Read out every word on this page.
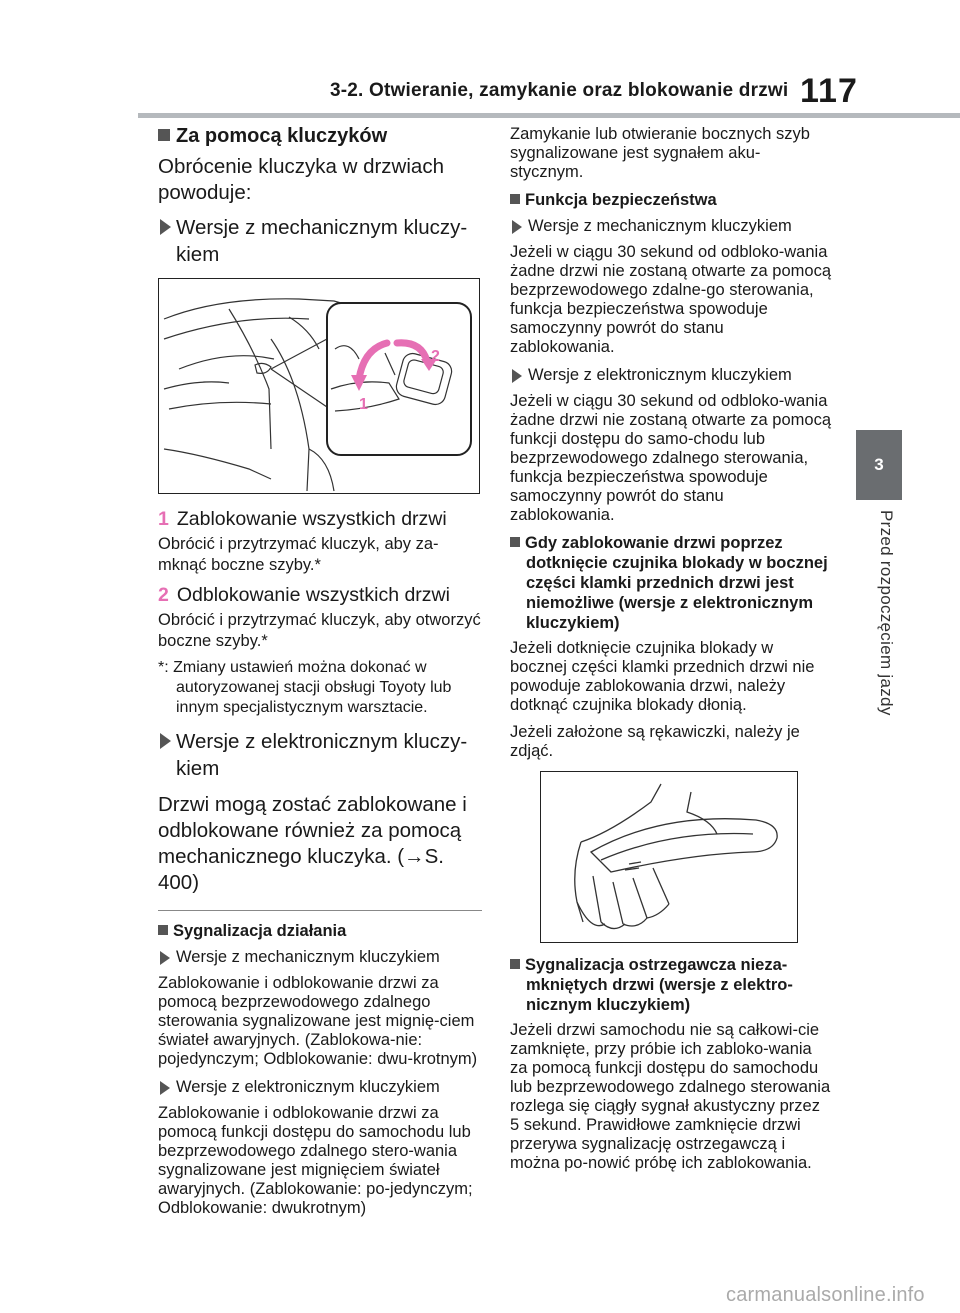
3-2. Otwieranie, zamykanie oraz blokowanie drzwi 117
3
Przed rozpoczęciem jazdy
Za pomocą kluczyków

Obrócenie kluczyka w drzwiach powoduje:

Wersje z mechanicznym kluczy-kiem
1
2
1 Zablokowanie wszystkich drzwi

Obrócić i przytrzymać kluczyk, aby za-mknąć boczne szyby.*

2 Odblokowanie wszystkich drzwi

Obrócić i przytrzymać kluczyk, aby otworzyć boczne szyby.*

*: Zmiany ustawień można dokonać w autoryzowanej stacji obsługi Toyoty lub innym specjalistycznym warsztacie.

Wersje z elektronicznym kluczy-kiem

Drzwi mogą zostać zablokowane i odblokowane również za pomocą mechanicznego kluczyka. (→S. 400)

Sygnalizacja działania
Wersje z mechanicznym kluczykiem

Zablokowanie i odblokowanie drzwi za pomocą bezprzewodowego zdalnego sterowania sygnalizowane jest mignię-ciem świateł awaryjnych. (Zablokowa-nie: pojedynczym; Odblokowanie: dwu-krotnym)

Wersje z elektronicznym kluczykiem

Zablokowanie i odblokowanie drzwi za pomocą funkcji dostępu do samochodu lub bezprzewodowego zdalnego stero-wania sygnalizowane jest mignięciem świateł awaryjnych. (Zablokowanie: po-jedynczym; Odblokowanie: dwukrotnym)

Zamykanie lub otwieranie bocznych szyb sygnalizowane jest sygnałem aku-stycznym.

Funkcja bezpieczeństwa
Wersje z mechanicznym kluczykiem

Jeżeli w ciągu 30 sekund od odbloko-wania żadne drzwi nie zostaną otwarte za pomocą bezprzewodowego zdalne-go sterowania, funkcja bezpieczeństwa spowoduje samoczynny powrót do stanu zablokowania.

Wersje z elektronicznym kluczykiem

Jeżeli w ciągu 30 sekund od odbloko-wania żadne drzwi nie zostaną otwarte za pomocą funkcji dostępu do samo-chodu lub bezprzewodowego zdalnego sterowania, funkcja bezpieczeństwa spowoduje samoczynny powrót do stanu zablokowania.

Gdy zablokowanie drzwi poprzez dotknięcie czujnika blokady w bocznej części klamki przednich drzwi jest niemożliwe (wersje z elektronicznym kluczykiem)

Jeżeli dotknięcie czujnika blokady w bocznej części klamki przednich drzwi nie powoduje zablokowania drzwi, należy dotknąć czujnika blokady dłonią.

Jeżeli założone są rękawiczki, należy je zdjąć.

Sygnalizacja ostrzegawcza nieza-mkniętych drzwi (wersje z elektro-nicznym kluczykiem)

Jeżeli drzwi samochodu nie są całkowi-cie zamknięte, przy próbie ich zabloko-wania za pomocą funkcji dostępu do samochodu lub bezprzewodowego zdalnego sterowania rozlega się ciągły sygnał akustyczny przez 5 sekund. Prawidłowe zamknięcie drzwi przerywa sygnalizację ostrzegawczą i można po-nowić próbę ich zablokowania.

carmanualsonline.info
